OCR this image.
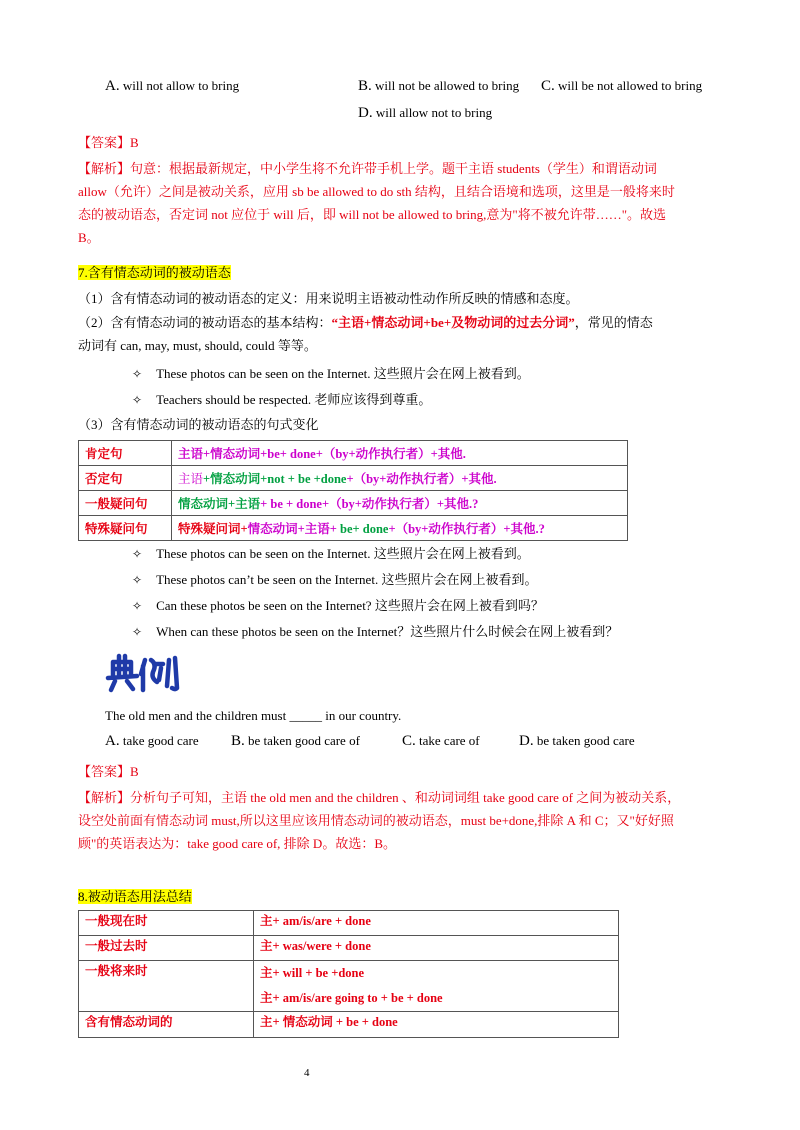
A. will not allow to bring	B. will not be allowed to bring C. will be not allowed to bring
D. will allow not to bring
【答案】B
【解析】句意：根据最新规定，中小学生将不允许带手机上学。题干主语 students（学生）和谓语动词
allow（允许）之间是被动关系，应用 sb be allowed to do sth 结构，且结合语境和选项，这里是一般将来时
态的被动语态，否定词 not 应位于 will 后，即 will not be allowed to bring,意为"将不被允许带……"。故选
B。
7.含有情态动词的被动语态
（1）含有情态动词的被动语态的定义：用来说明主语被动性动作所反映的情感和态度。
（2）含有情态动词的被动语态的基本结构：“主语+情态动词+be+及物动词的过去分词”，常见的情态
动词有 can, may, must, should, could 等等。
✧ These photos can be seen on the Internet. 这些照片会在网上被看到。
✧ Teachers should be respected. 老师应该得到尊重。
（3）含有情态动词的被动语态的句式变化
肯定句	主语+情态动词+be+ done+（by+动作执行者）+其他.
否定句	主语+情态动词+not + be +done+（by+动作执行者）+其他.
一般疑问句	情态动词+主语+ be + done+（by+动作执行者）+其他.?
特殊疑问句	特殊疑问词+情态动词+主语+ be+ done+（by+动作执行者）+其他.?
✧ These photos can be seen on the Internet. 这些照片会在网上被看到。
✧ These photos can’t be seen on the Internet. 这些照片会在网上被看到。
✧ Can these photos be seen on the Internet? 这些照片会在网上被看到吗？
✧ When can these photos be seen on the Internet？这些照片什么时候会在网上被看到？
The old men and the children must _____ in our country.
A. take good care B. be taken good care of	C. take care of	D. be taken good care
【答案】B
【解析】分析句子可知，主语 the old men and the children 、和动词词组 take good care of 之间为被动关系，
设空处前面有情态动词 must,所以这里应该用情态动词的被动语态，must be+done,排除 A 和 C；又"好好照
顾"的英语表达为：take good care of, 排除 D。故选：B。
8.被动语态用法总结
一般现在时	主+ am/is/are + done
一般过去时	主+ was/were + done
一般将来时	主+ will + be +done
主+ am/is/are going to + be + done

含有情态动词的	主+ 情态动词 + be + done
4
